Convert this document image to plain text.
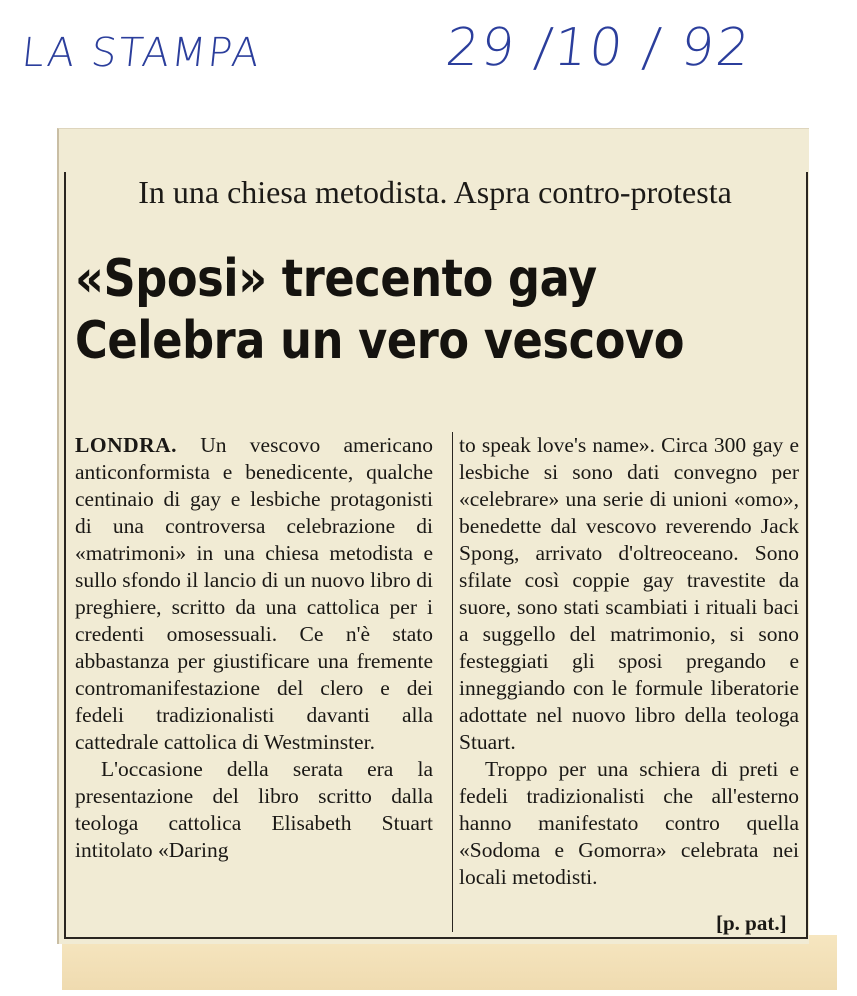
LA STAMPA	29 /10 / 92
In una chiesa metodista. Aspra contro-protesta
«Sposi» trecento gay
Celebra un vero vescovo

LONDRA. Un vescovo americano anticonformista e benedicente, qualche centinaio di gay e lesbiche protagonisti di una controversa celebrazione di «matrimoni» in una chiesa metodista e sullo sfondo il lancio di un nuovo libro di preghiere, scritto da una cattolica per i credenti omosessuali. Ce n'è stato abbastanza per giustificare una fremente contromanifestazione del clero e dei fedeli tradizionalisti davanti alla cattedrale cattolica di Westminster.

L'occasione della serata era la presentazione del libro scritto dalla teologa cattolica Elisabeth Stuart intitolato «Daring

to speak love's name». Circa 300 gay e lesbiche si sono dati convegno per «celebrare» una serie di unioni «omo», benedette dal vescovo reverendo Jack Spong, arrivato d'oltreoceano. Sono sfilate così coppie gay travestite da suore, sono stati scambiati i rituali baci a suggello del matrimonio, si sono festeggiati gli sposi pregando e inneggiando con le formule liberatorie adottate nel nuovo libro della teologa Stuart.

Troppo per una schiera di preti e fedeli tradizionalisti che all'esterno hanno manifestato contro quella «Sodoma e Gomorra» celebrata nei locali metodisti.

[p. pat.]
